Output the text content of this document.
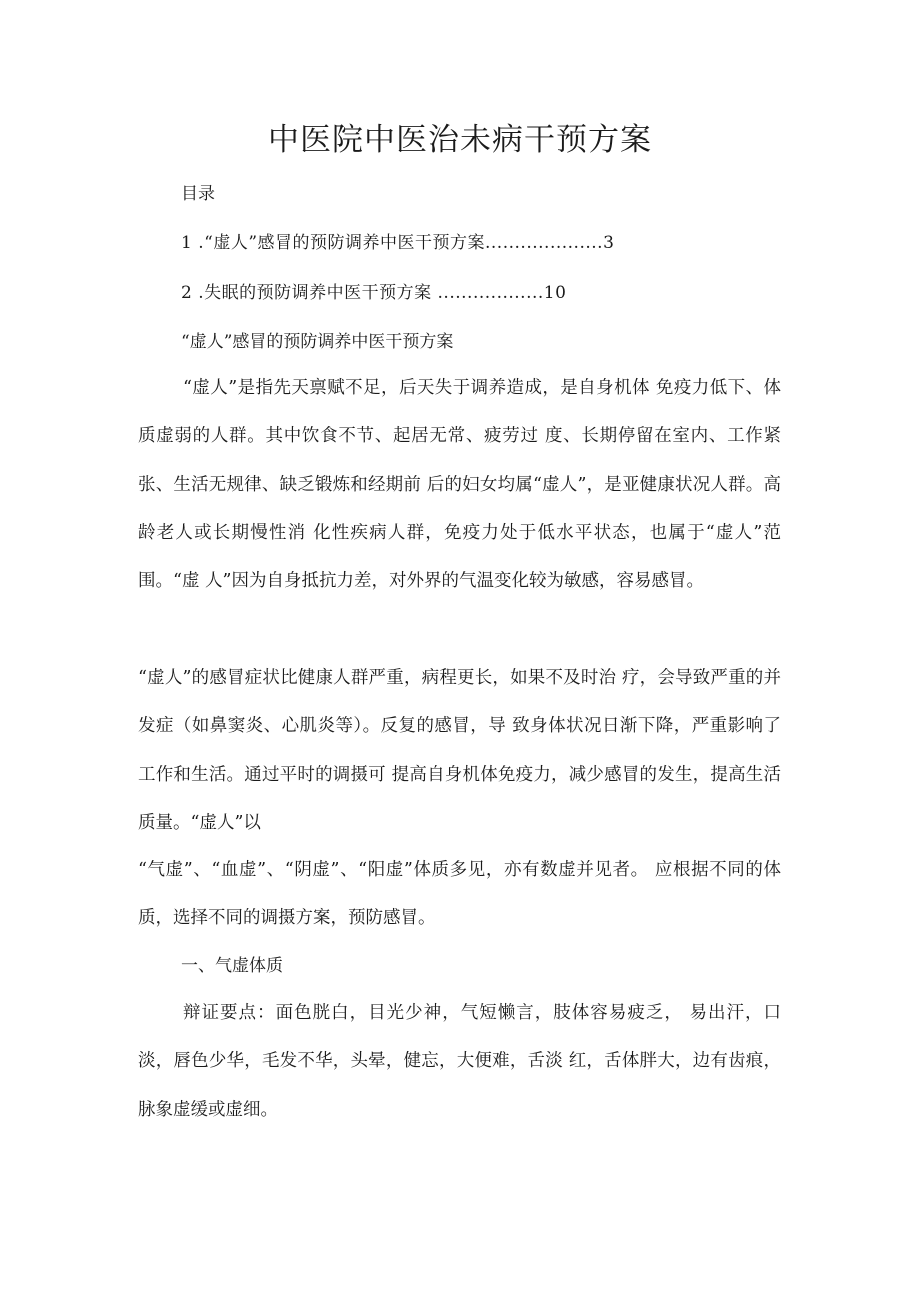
中医院中医治未病干预方案
目录
1 .“虚人”感冒的预防调养中医干预方案....................3
2 .失眠的预防调养中医干预方案 ..................10
“虚人”感冒的预防调养中医干预方案

“虚人”是指先天禀赋不足，后天失于调养造成，是自身机体 免疫力低下、体质虚弱的人群。其中饮食不节、起居无常、疲劳过 度、长期停留在室内、工作紧张、生活无规律、缺乏锻炼和经期前 后的妇女均属“虚人”，是亚健康状况人群。高龄老人或长期慢性消 化性疾病人群，免疫力处于低水平状态，也属于“虚人”范围。“虚 人”因为自身抵抗力差，对外界的气温变化较为敏感，容易感冒。

“虚人”的感冒症状比健康人群严重，病程更长，如果不及时治 疗，会导致严重的并发症（如鼻窦炎、心肌炎等）。反复的感冒，导 致身体状况日渐下降，严重影响了工作和生活。通过平时的调摄可 提高自身机体免疫力，减少感冒的发生，提高生活质量。“虚人”以

“气虚”、“血虚”、“阴虚”、“阳虚”体质多见，亦有数虚并见者。 应根据不同的体质，选择不同的调摄方案，预防感冒。

一、气虚体质

辩证要点：面色胱白，目光少神，气短懒言，肢体容易疲乏， 易出汗，口淡，唇色少华，毛发不华，头晕，健忘，大便难，舌淡 红，舌体胖大，边有齿痕，脉象虚缓或虚细。
